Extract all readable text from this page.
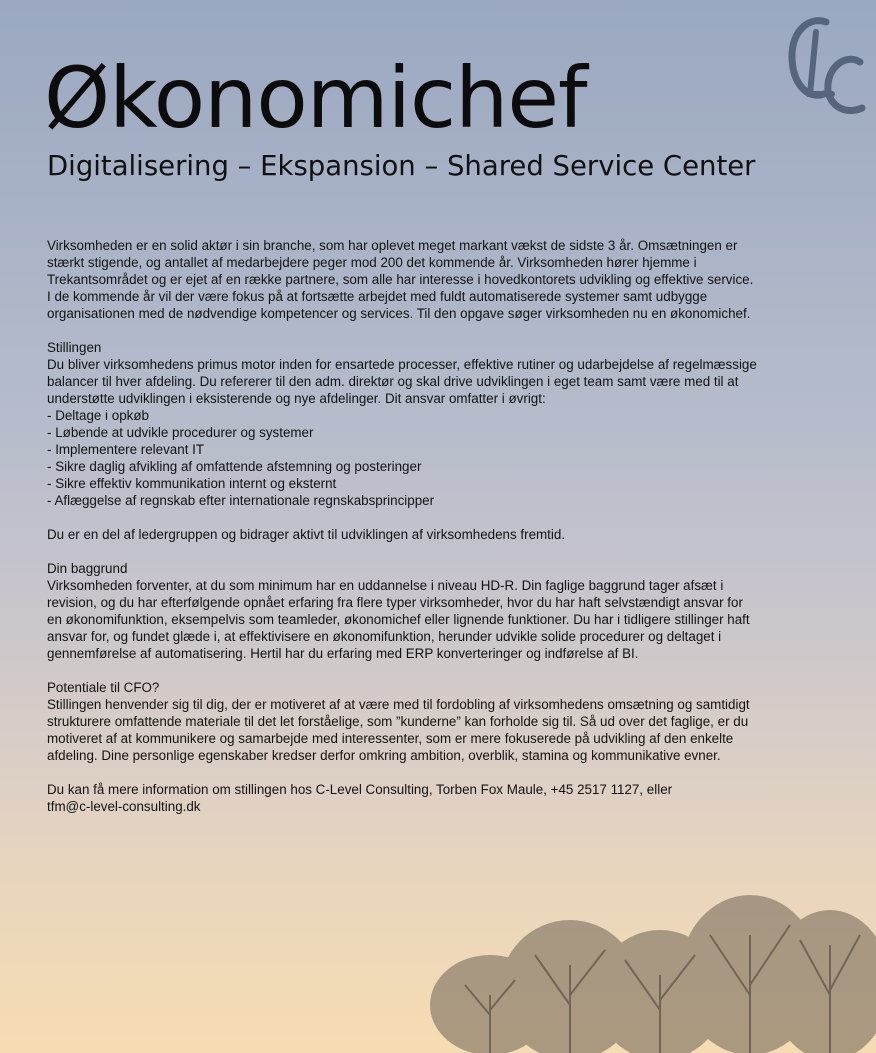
CLC
Økonomichef
Digitalisering – Ekspansion – Shared Service Center

Virksomheden er en solid aktør i sin branche, som har oplevet meget markant vækst de sidste 3 år. Omsætningen er stærkt stigende, og antallet af medarbejdere peger mod 200 det kommende år. Virksomheden hører hjemme i Trekantsområdet og er ejet af en række partnere, som alle har interesse i hovedkontorets udvikling og effektive service. I de kommende år vil der være fokus på at fortsætte arbejdet med fuldt automatiserede systemer samt udbygge organisationen med de nødvendige kompetencer og services. Til den opgave søger virksomheden nu en økonomichef.

Stillingen
Du bliver virksomhedens primus motor inden for ensartede processer, effektive rutiner og udarbejdelse af regelmæssige balancer til hver afdeling. Du refererer til den adm. direktør og skal drive udviklingen i eget team samt være med til at understøtte udviklingen i eksisterende og nye afdelinger. Dit ansvar omfatter i øvrigt:

- Deltage i opkøb
- Løbende at udvikle procedurer og systemer
- Implementere relevant IT
- Sikre daglig afvikling af omfattende afstemning og posteringer
- Sikre effektiv kommunikation internt og eksternt
- Aflæggelse af regnskab efter internationale regnskabsprincipper

Du er en del af ledergruppen og bidrager aktivt til udviklingen af virksomhedens fremtid.

Din baggrund
Virksomheden forventer, at du som minimum har en uddannelse i niveau HD-R. Din faglige baggrund tager afsæt i revision, og du har efterfølgende opnået erfaring fra flere typer virksomheder, hvor du har haft selvstændigt ansvar for en økonomifunktion, eksempelvis som teamleder, økonomichef eller lignende funktioner. Du har i tidligere stillinger haft ansvar for, og fundet glæde i, at effektivisere en økonomifunktion, herunder udvikle solide procedurer og deltaget i gennemførelse af automatisering. Hertil har du erfaring med ERP konverteringer og indførelse af BI.

Potentiale til CFO?
Stillingen henvender sig til dig, der er motiveret af at være med til fordobling af virksomhedens omsætning og samtidigt strukturere omfattende materiale til det let forståelige, som ”kunderne” kan forholde sig til. Så ud over det faglige, er du motiveret af at kommunikere og samarbejde med interessenter, som er mere fokuserede på udvikling af den enkelte afdeling. Dine personlige egenskaber kredser derfor omkring ambition, overblik, stamina og kommunikative evner.

Du kan få mere information om stillingen hos C-Level Consulting, Torben Fox Maule, +45 2517 1127, eller
tfm@c-level-consulting.dk
